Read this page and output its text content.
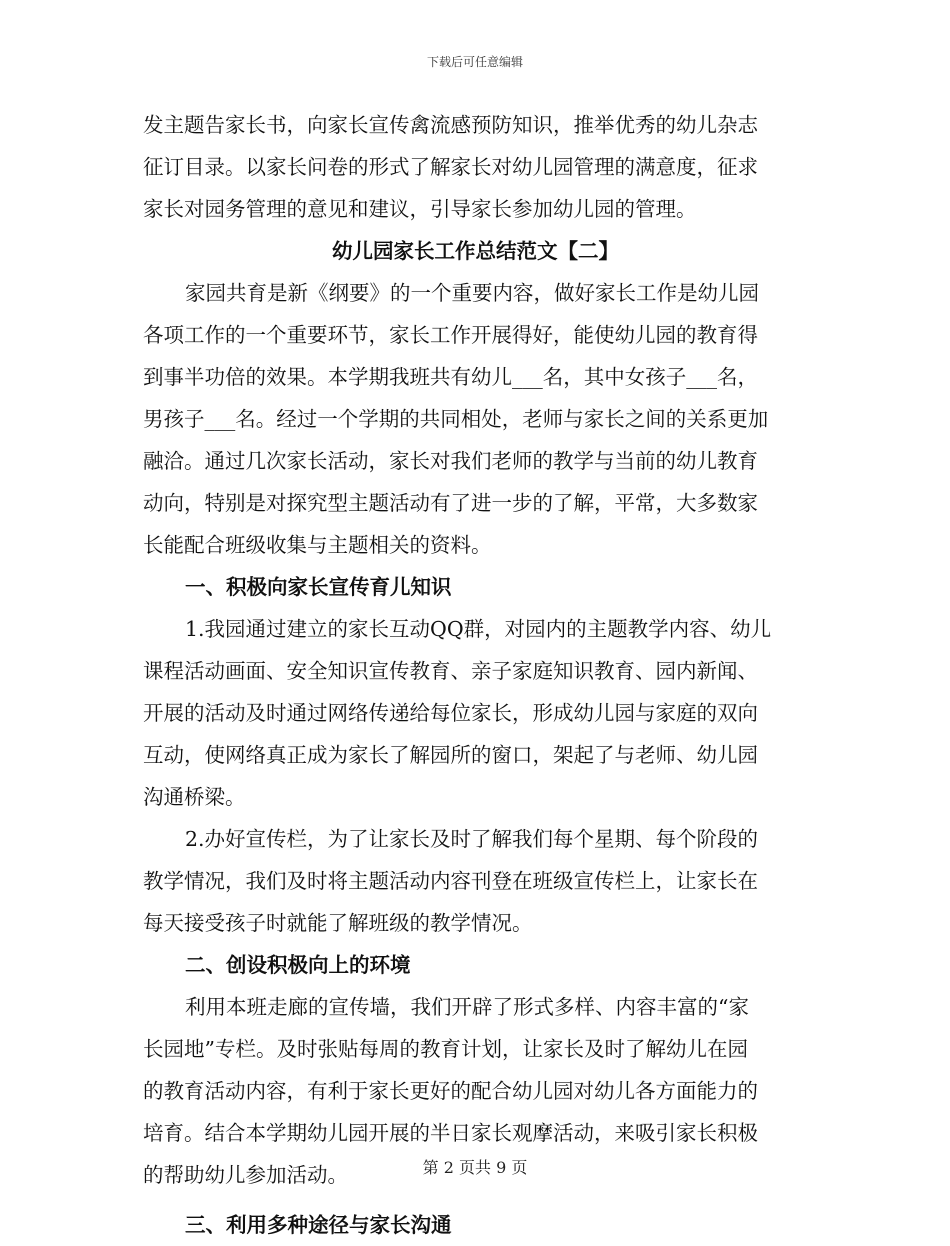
下载后可任意编辑
发主题告家长书，向家长宣传禽流感预防知识，推举优秀的幼儿杂志
征订目录。以家长问卷的形式了解家长对幼儿园管理的满意度，征求
家长对园务管理的意见和建议，引导家长参加幼儿园的管理。
幼儿园家长工作总结范文【二】
家园共育是新《纲要》的一个重要内容，做好家长工作是幼儿园
各项工作的一个重要环节，家长工作开展得好，能使幼儿园的教育得
到事半功倍的效果。本学期我班共有幼儿___名，其中女孩子___名，
男孩子___名。经过一个学期的共同相处，老师与家长之间的关系更加
融洽。通过几次家长活动，家长对我们老师的教学与当前的幼儿教育
动向，特别是对探究型主题活动有了进一步的了解，平常，大多数家
长能配合班级收集与主题相关的资料。
一、积极向家长宣传育儿知识
1.我园通过建立的家长互动QQ群，对园内的主题教学内容、幼儿
课程活动画面、安全知识宣传教育、亲子家庭知识教育、园内新闻、
开展的活动及时通过网络传递给每位家长，形成幼儿园与家庭的双向
互动，使网络真正成为家长了解园所的窗口，架起了与老师、幼儿园
沟通桥梁。
2.办好宣传栏，为了让家长及时了解我们每个星期、每个阶段的
教学情况，我们及时将主题活动内容刊登在班级宣传栏上，让家长在
每天接受孩子时就能了解班级的教学情况。
二、创设积极向上的环境
利用本班走廊的宣传墙，我们开辟了形式多样、内容丰富的“家
长园地”专栏。及时张贴每周的教育计划，让家长及时了解幼儿在园
的教育活动内容，有利于家长更好的配合幼儿园对幼儿各方面能力的
培育。结合本学期幼儿园开展的半日家长观摩活动，来吸引家长积极
的帮助幼儿参加活动。
三、利用多种途径与家长沟通
第 2 页共 9 页
